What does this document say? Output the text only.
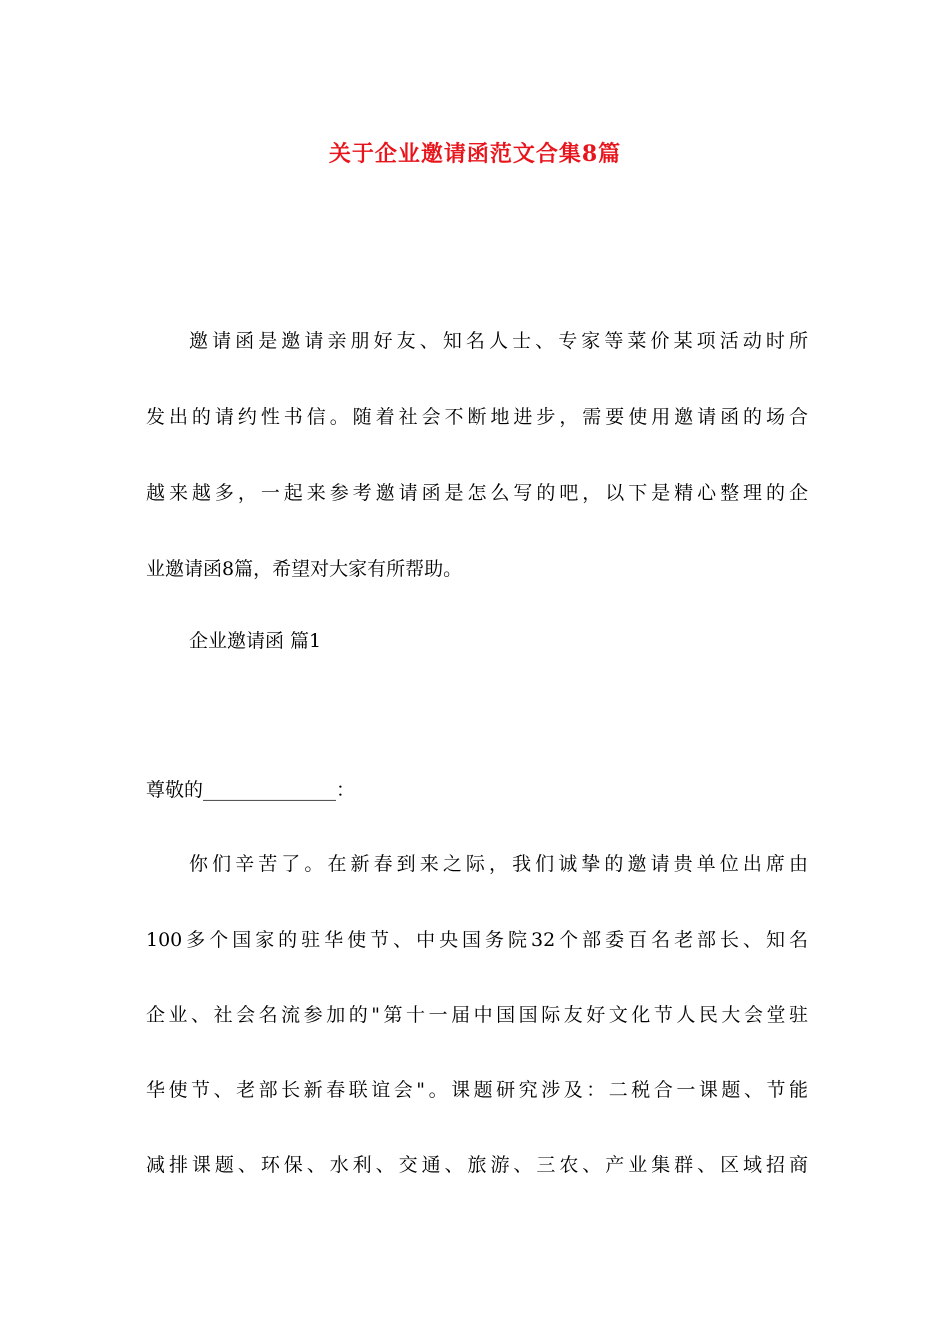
关于企业邀请函范文合集8篇
邀请函是邀请亲朋好友、知名人士、专家等菜价某项活动时所
发出的请约性书信。随着社会不断地进步，需要使用邀请函的场合
越来越多，一起来参考邀请函是怎么写的吧，以下是精心整理的企
业邀请函8篇，希望对大家有所帮助。
企业邀请函 篇1
尊敬的______________：
你们辛苦了。在新春到来之际，我们诚挚的邀请贵单位出席由
100多个国家的驻华使节、中央国务院32个部委百名老部长、知名
企业、社会名流参加的"第十一届中国国际友好文化节人民大会堂驻
华使节、老部长新春联谊会"。课题研究涉及：二税合一课题、节能
减排课题、环保、水利、交通、旅游、三农、产业集群、区域招商
